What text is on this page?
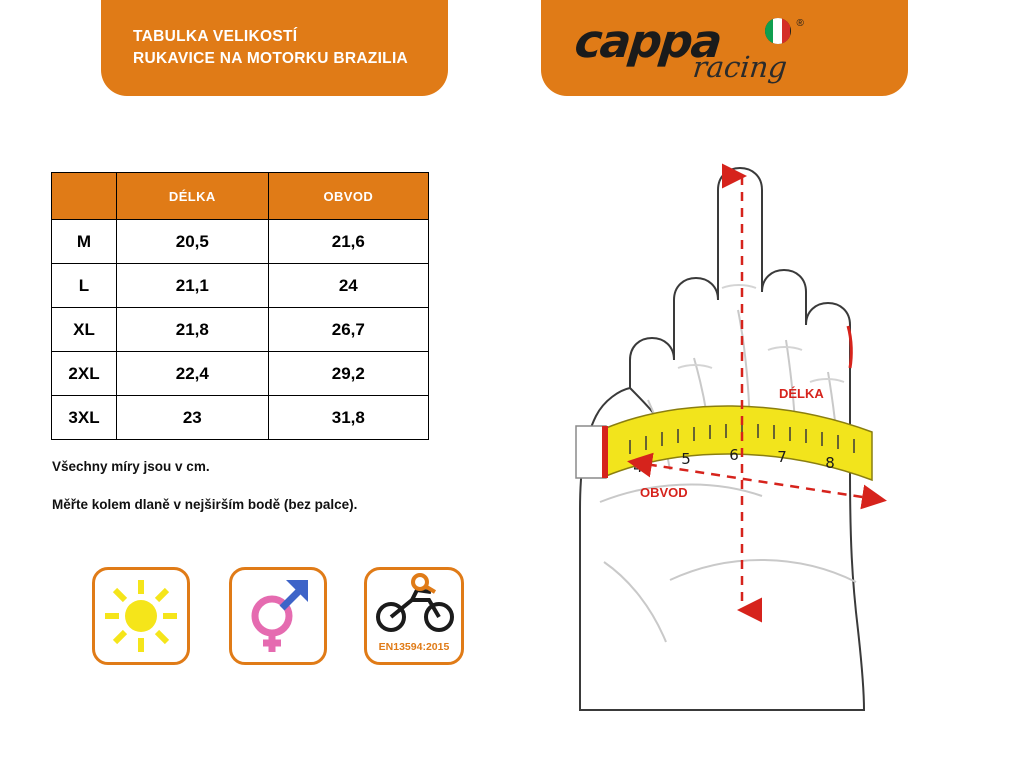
TABULKA VELIKOSTÍ
RUKAVICE NA MOTORKU BRAZILIA	cappa	®
racing
	DÉLKA	OBVOD
M	20,5	21,6
L	21,1	24
XL	21,8	26,7
2XL	22,4	29,2
3XL	23	31,8
Všechny míry jsou v cm.
Měřte kolem dlaně v nejširším bodě (bez palce).
EN13594:2015
4	5	6	7	8
DÉLKA
OBVOD
